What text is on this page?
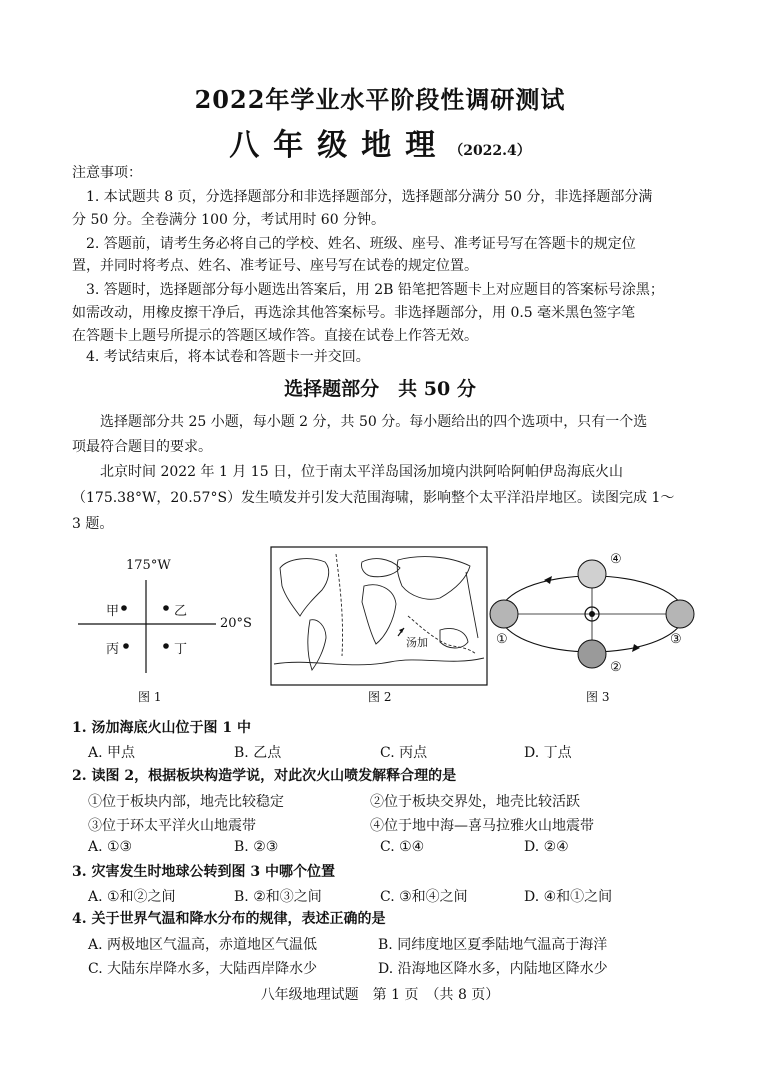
2022年学业水平阶段性调研测试
八年级地理（2022.4）
注意事项：
1. 本试题共 8 页，分选择题部分和非选择题部分，选择题部分满分 50 分，非选择题部分满
分 50 分。全卷满分 100 分，考试用时 60 分钟。
2. 答题前，请考生务必将自己的学校、姓名、班级、座号、准考证号写在答题卡的规定位
置，并同时将考点、姓名、准考证号、座号写在试卷的规定位置。
3. 答题时，选择题部分每小题选出答案后，用 2B 铅笔把答题卡上对应题目的答案标号涂黑；
如需改动，用橡皮擦干净后，再选涂其他答案标号。非选择题部分，用 0.5 毫米黑色签字笔
在答题卡上题号所提示的答题区域作答。直接在试卷上作答无效。
4. 考试结束后，将本试卷和答题卡一并交回。
选择题部分　共 50 分
选择题部分共 25 小题，每小题 2 分，共 50 分。每小题给出的四个选项中，只有一个选
项最符合题目的要求。
北京时间 2022 年 1 月 15 日，位于南太平洋岛国汤加境内洪阿哈阿帕伊岛海底火山
（175.38°W，20.57°S）发生喷发并引发大范围海啸，影响整个太平洋沿岸地区。读图完成 1～
3 题。
175°W
20°S
甲	乙
丙	丁
图 1
汤加
图 2
④
①
②
③
图 3
1. 汤加海底火山位于图 1 中
A. 甲点	B. 乙点	C. 丙点	D. 丁点
2. 读图 2，根据板块构造学说，对此次火山喷发解释合理的是
①位于板块内部，地壳比较稳定	②位于板块交界处，地壳比较活跃
③位于环太平洋火山地震带	④位于地中海—喜马拉雅火山地震带
A. ①③	B. ②③	C. ①④	D. ②④
3. 灾害发生时地球公转到图 3 中哪个位置
A. ①和②之间	B. ②和③之间	C. ③和④之间	D. ④和①之间
4. 关于世界气温和降水分布的规律，表述正确的是
A. 两极地区气温高，赤道地区气温低	B. 同纬度地区夏季陆地气温高于海洋
C. 大陆东岸降水多，大陆西岸降水少	D. 沿海地区降水多，内陆地区降水少
八年级地理试题　第 1 页　（共 8 页）
